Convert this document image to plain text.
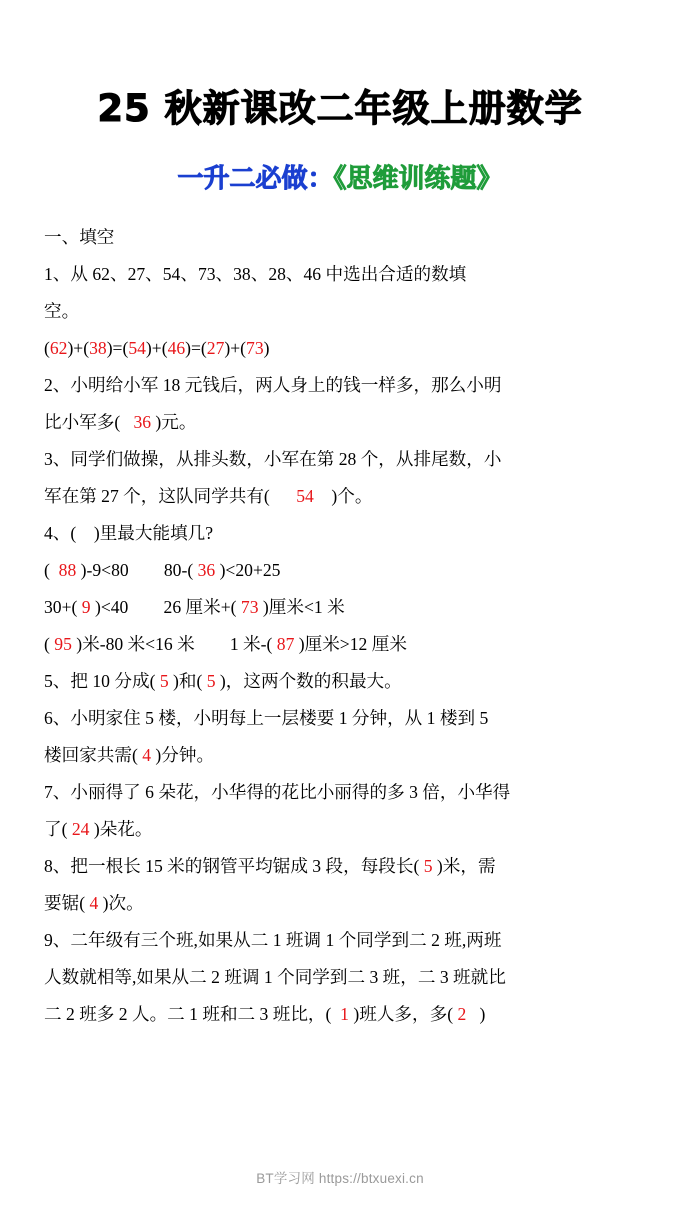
25 秋新课改二年级上册数学
一升二必做：《思维训练题》

一、填空

1、从 62、27、54、73、38、28、46 中选出合适的数填

空。

(62)+(38)=(54)+(46)=(27)+(73)

2、小明给小军 18 元钱后，两人身上的钱一样多，那么小明

比小军多(   36 )元。

3、同学们做操，从排头数，小军在第 28 个，从排尾数，小

军在第 27 个，这队同学共有(      54    )个。

4、(    )里最大能填几?

(  88 )-9<80        80-( 36 )<20+25

30+( 9 )<40        26 厘米+( 73 )厘米<1 米

( 95 )米-80 米<16 米        1 米-( 87 )厘米>12 厘米

5、把 10 分成( 5 )和( 5 )，这两个数的积最大。

6、小明家住 5 楼，小明每上一层楼要 1 分钟，从 1 楼到 5

楼回家共需( 4 )分钟。

7、小丽得了 6 朵花，小华得的花比小丽得的多 3 倍，小华得

了( 24 )朵花。

8、把一根长 15 米的钢管平均锯成 3 段，每段长( 5 )米，需

要锯( 4 )次。

9、二年级有三个班,如果从二 1 班调 1 个同学到二 2 班,两班

人数就相等,如果从二 2 班调 1 个同学到二 3 班，二 3 班就比

二 2 班多 2 人。二 1 班和二 3 班比，(  1 )班人多，多( 2   )

BT学习网 https://btxuexi.cn
